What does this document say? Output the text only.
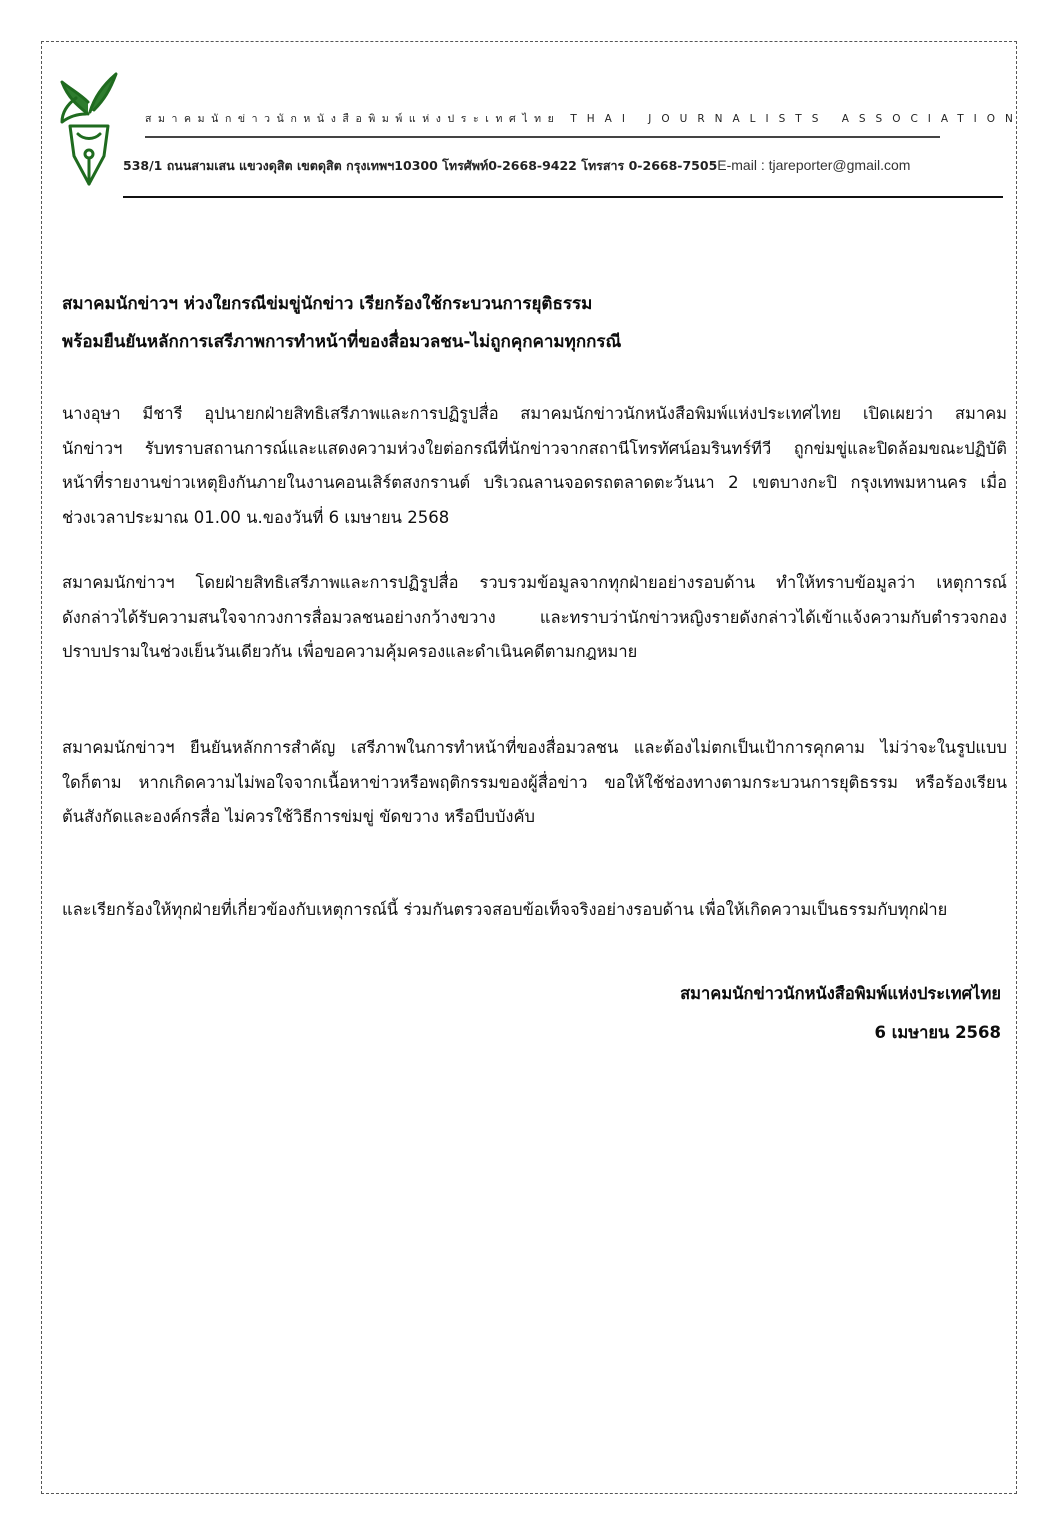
สมาคมนักข่าวนักหนังสือพิมพ์แห่งประเทศไทย THAI JOURNALISTS ASSOCIATION
538/1 ถนนสามเสน แขวงดุสิต เขตดุสิต กรุงเทพฯ10300 โทรศัพท์0-2668-9422 โทรสาร 0-2668-7505E-mail : tjareporter@gmail.com
สมาคมนักข่าวฯ ห่วงใยกรณีข่มขู่นักข่าว เรียกร้องใช้กระบวนการยุติธรรม
พร้อมยืนยันหลักการเสรีภาพการทำหน้าที่ของสื่อมวลชน-ไม่ถูกคุกคามทุกกรณี
นางอุษา มีชารี อุปนายกฝ่ายสิทธิเสรีภาพและการปฏิรูปสื่อ สมาคมนักข่าวนักหนังสือพิมพ์แห่งประเทศไทย เปิดเผยว่า สมาคม
นักข่าวฯ รับทราบสถานการณ์และแสดงความห่วงใยต่อกรณีที่นักข่าวจากสถานีโทรทัศน์อมรินทร์ทีวี ถูกข่มขู่และปิดล้อมขณะปฏิบัติ
หน้าที่รายงานข่าวเหตุยิงกันภายในงานคอนเสิร์ตสงกรานต์ บริเวณลานจอดรถตลาดตะวันนา 2 เขตบางกะปิ กรุงเทพมหานคร เมื่อ
ช่วงเวลาประมาณ 01.00 น.ของวันที่ 6 เมษายน 2568
สมาคมนักข่าวฯ โดยฝ่ายสิทธิเสรีภาพและการปฏิรูปสื่อ รวบรวมข้อมูลจากทุกฝ่ายอย่างรอบด้าน ทำให้ทราบข้อมูลว่า เหตุการณ์
ดังกล่าวได้รับความสนใจจากวงการสื่อมวลชนอย่างกว้างขวาง และทราบว่านักข่าวหญิงรายดังกล่าวได้เข้าแจ้งความกับตำรวจกอง
ปราบปรามในช่วงเย็นวันเดียวกัน เพื่อขอความคุ้มครองและดำเนินคดีตามกฎหมาย
สมาคมนักข่าวฯ ยืนยันหลักการสำคัญ เสรีภาพในการทำหน้าที่ของสื่อมวลชน และต้องไม่ตกเป็นเป้าการคุกคาม ไม่ว่าจะในรูปแบบ
ใดก็ตาม หากเกิดความไม่พอใจจากเนื้อหาข่าวหรือพฤติกรรมของผู้สื่อข่าว ขอให้ใช้ช่องทางตามกระบวนการยุติธรรม หรือร้องเรียน
ต้นสังกัดและองค์กรสื่อ ไม่ควรใช้วิธีการข่มขู่ ขัดขวาง หรือบีบบังคับ
และเรียกร้องให้ทุกฝ่ายที่เกี่ยวข้องกับเหตุการณ์นี้ ร่วมกันตรวจสอบข้อเท็จจริงอย่างรอบด้าน เพื่อให้เกิดความเป็นธรรมกับทุกฝ่าย
สมาคมนักข่าวนักหนังสือพิมพ์แห่งประเทศไทย
6 เมษายน 2568
